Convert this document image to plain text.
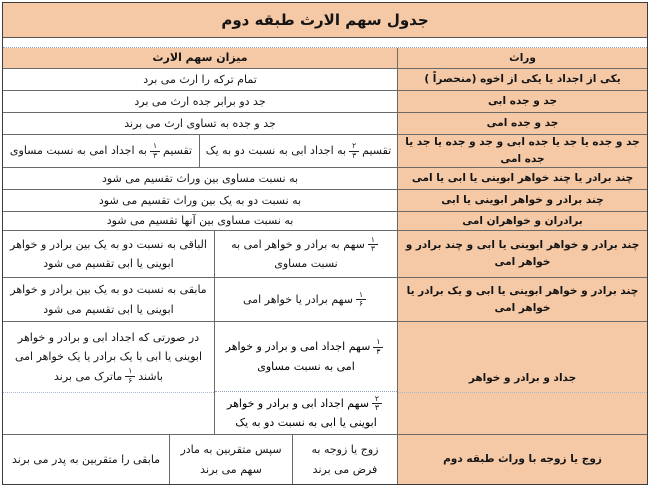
جدول سهم الارث طبقه دوم
وراث
میزان سهم الارث
یکی از اجداد یا یکی از اخوه (منحصراً )
تمام ترکه را ارث می برد
جد و جده ابی
جد دو برابر جده ارث می برد
جد و جده امی
جد و جده به تساوی ارث می برند
جد و جده یا جد یا جده ابی و جد و جده یا جد یا جده امی
تقسیم
$\frac{۲}{۳}$
به اجداد ابی به نسبت دو به یک
تقسیم
$\frac{۱}{۳}$
به اجداد امی به نسبت مساوی
چند برادر یا چند خواهر ابوینی یا ابی یا امی
به نسبت مساوی بین وراث تقسیم می شود
چند برادر و خواهر ابوینی یا ابی
به نسبت دو به یک بین وراث تقسیم می شود
برادران و خواهران امی
به نسبت مساوی بین آنها تقسیم می شود
چند برادر و خواهر ابوینی یا ابی و چند برادر و خواهر امی
$\frac{۱}{۳}$
سهم به برادر و خواهر امی به نسبت مساوی
الباقی به نسبت دو به یک بین برادر و خواهر ابوینی یا ابی تقسیم می شود
چند برادر و خواهر ابوینی یا ابی و یک برادر یا خواهر امی
$\frac{۱}{۶}$
سهم برادر یا خواهر امی
مابقی به نسبت دو به یک بین برادر و خواهر ابوینی یا ابی تقسیم می شود
جداد و برادر و خواهر
$\frac{۱}{۳}$
سهم اجداد امی و برادر و خواهر امی به نسبت مساوی
$\frac{۲}{۳}$
سهم اجداد ابی و برادر و خواهر ابوینی یا ابی به نسبت دو به یک
در صورتی که اجداد ابی و برادر و خواهر ابوینی یا ابی با یک برادر یا یک خواهر امی باشند
$\frac{۱}{۶}$
ماترک می برند
زوج یا زوجه با وراث طبقه دوم
زوج یا زوجه به فرض می برند
سپس متقربین به مادر سهم می برند
مابقی را متقربین به پدر می برند
